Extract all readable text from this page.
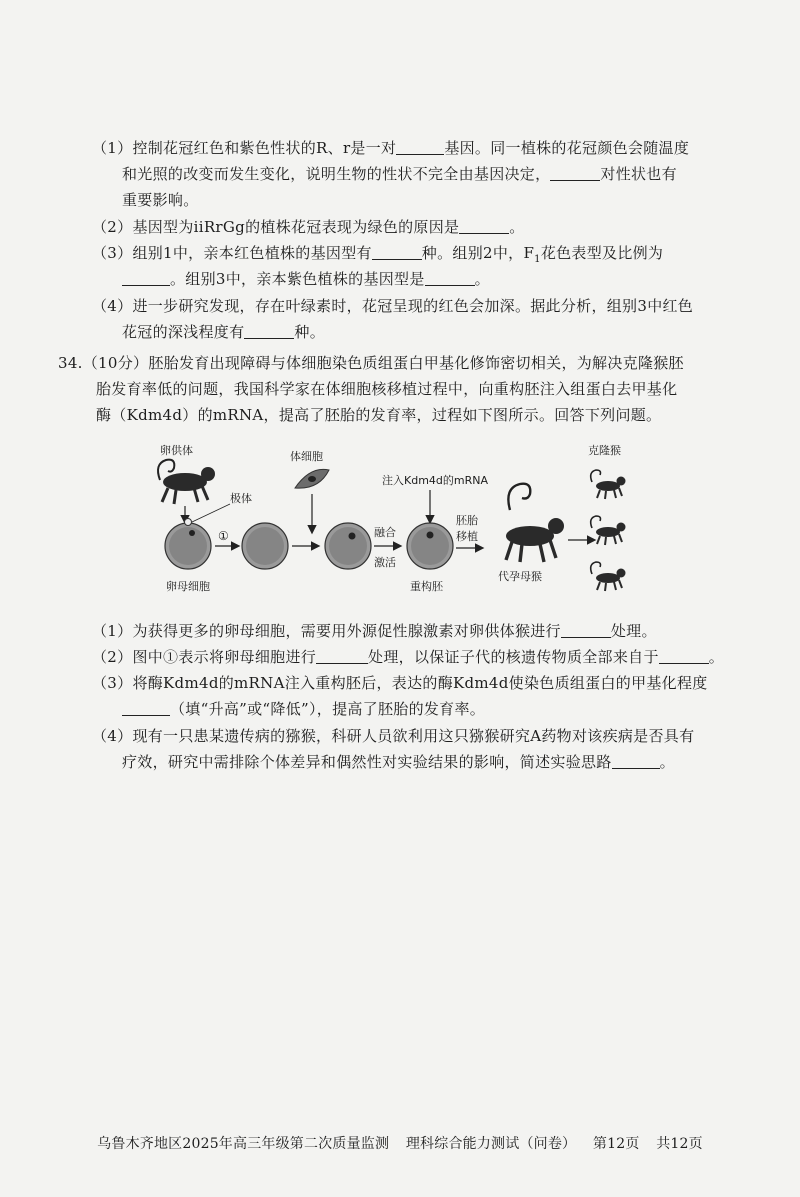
（1）控制花冠红色和紫色性状的R、r是一对	基因。同一植株的花冠颜色会随温度
和光照的改变而发生变化，说明生物的性状不完全由基因决定，	对性状也有
重要影响。
（2）基因型为iiRrGg的植株花冠表现为绿色的原因是	。
（3）组别1中，亲本红色植株的基因型有	种。组别2中，$F_1$花色表型及比例为
。组别3中，亲本紫色植株的基因型是	。
（4）进一步研究发现，存在叶绿素时，花冠呈现的红色会加深。据此分析，组别3中红色
花冠的深浅程度有	种。
34.（10分）胚胎发育出现障碍与体细胞染色质组蛋白甲基化修饰密切相关，为解决克隆猴胚
胎发育率低的问题，我国科学家在体细胞核移植过程中，向重构胚注入组蛋白去甲基化
酶（Kdm4d）的mRNA，提高了胚胎的发育率，过程如下图所示。回答下列问题。
卵供体
极体
卵母细胞
①
体细胞
融合
激活
注入Kdm4d的mRNA
重构胚
胚胎
移植
代孕母猴
克隆猴
（1）为获得更多的卵母细胞，需要用外源促性腺激素对卵供体猴进行	处理。
（2）图中①表示将卵母细胞进行	处理，以保证子代的核遗传物质全部来自于	。
（3）将酶Kdm4d的mRNA注入重构胚后，表达的酶Kdm4d使染色质组蛋白的甲基化程度
（填“升高”或“降低”），提高了胚胎的发育率。
（4）现有一只患某遗传病的猕猴，科研人员欲利用这只猕猴研究A药物对该疾病是否具有
疗效，研究中需排除个体差异和偶然性对实验结果的影响，简述实验思路	。
乌鲁木齐地区2025年高三年级第二次质量监测 理科综合能力测试（问卷） 第12页 共12页
